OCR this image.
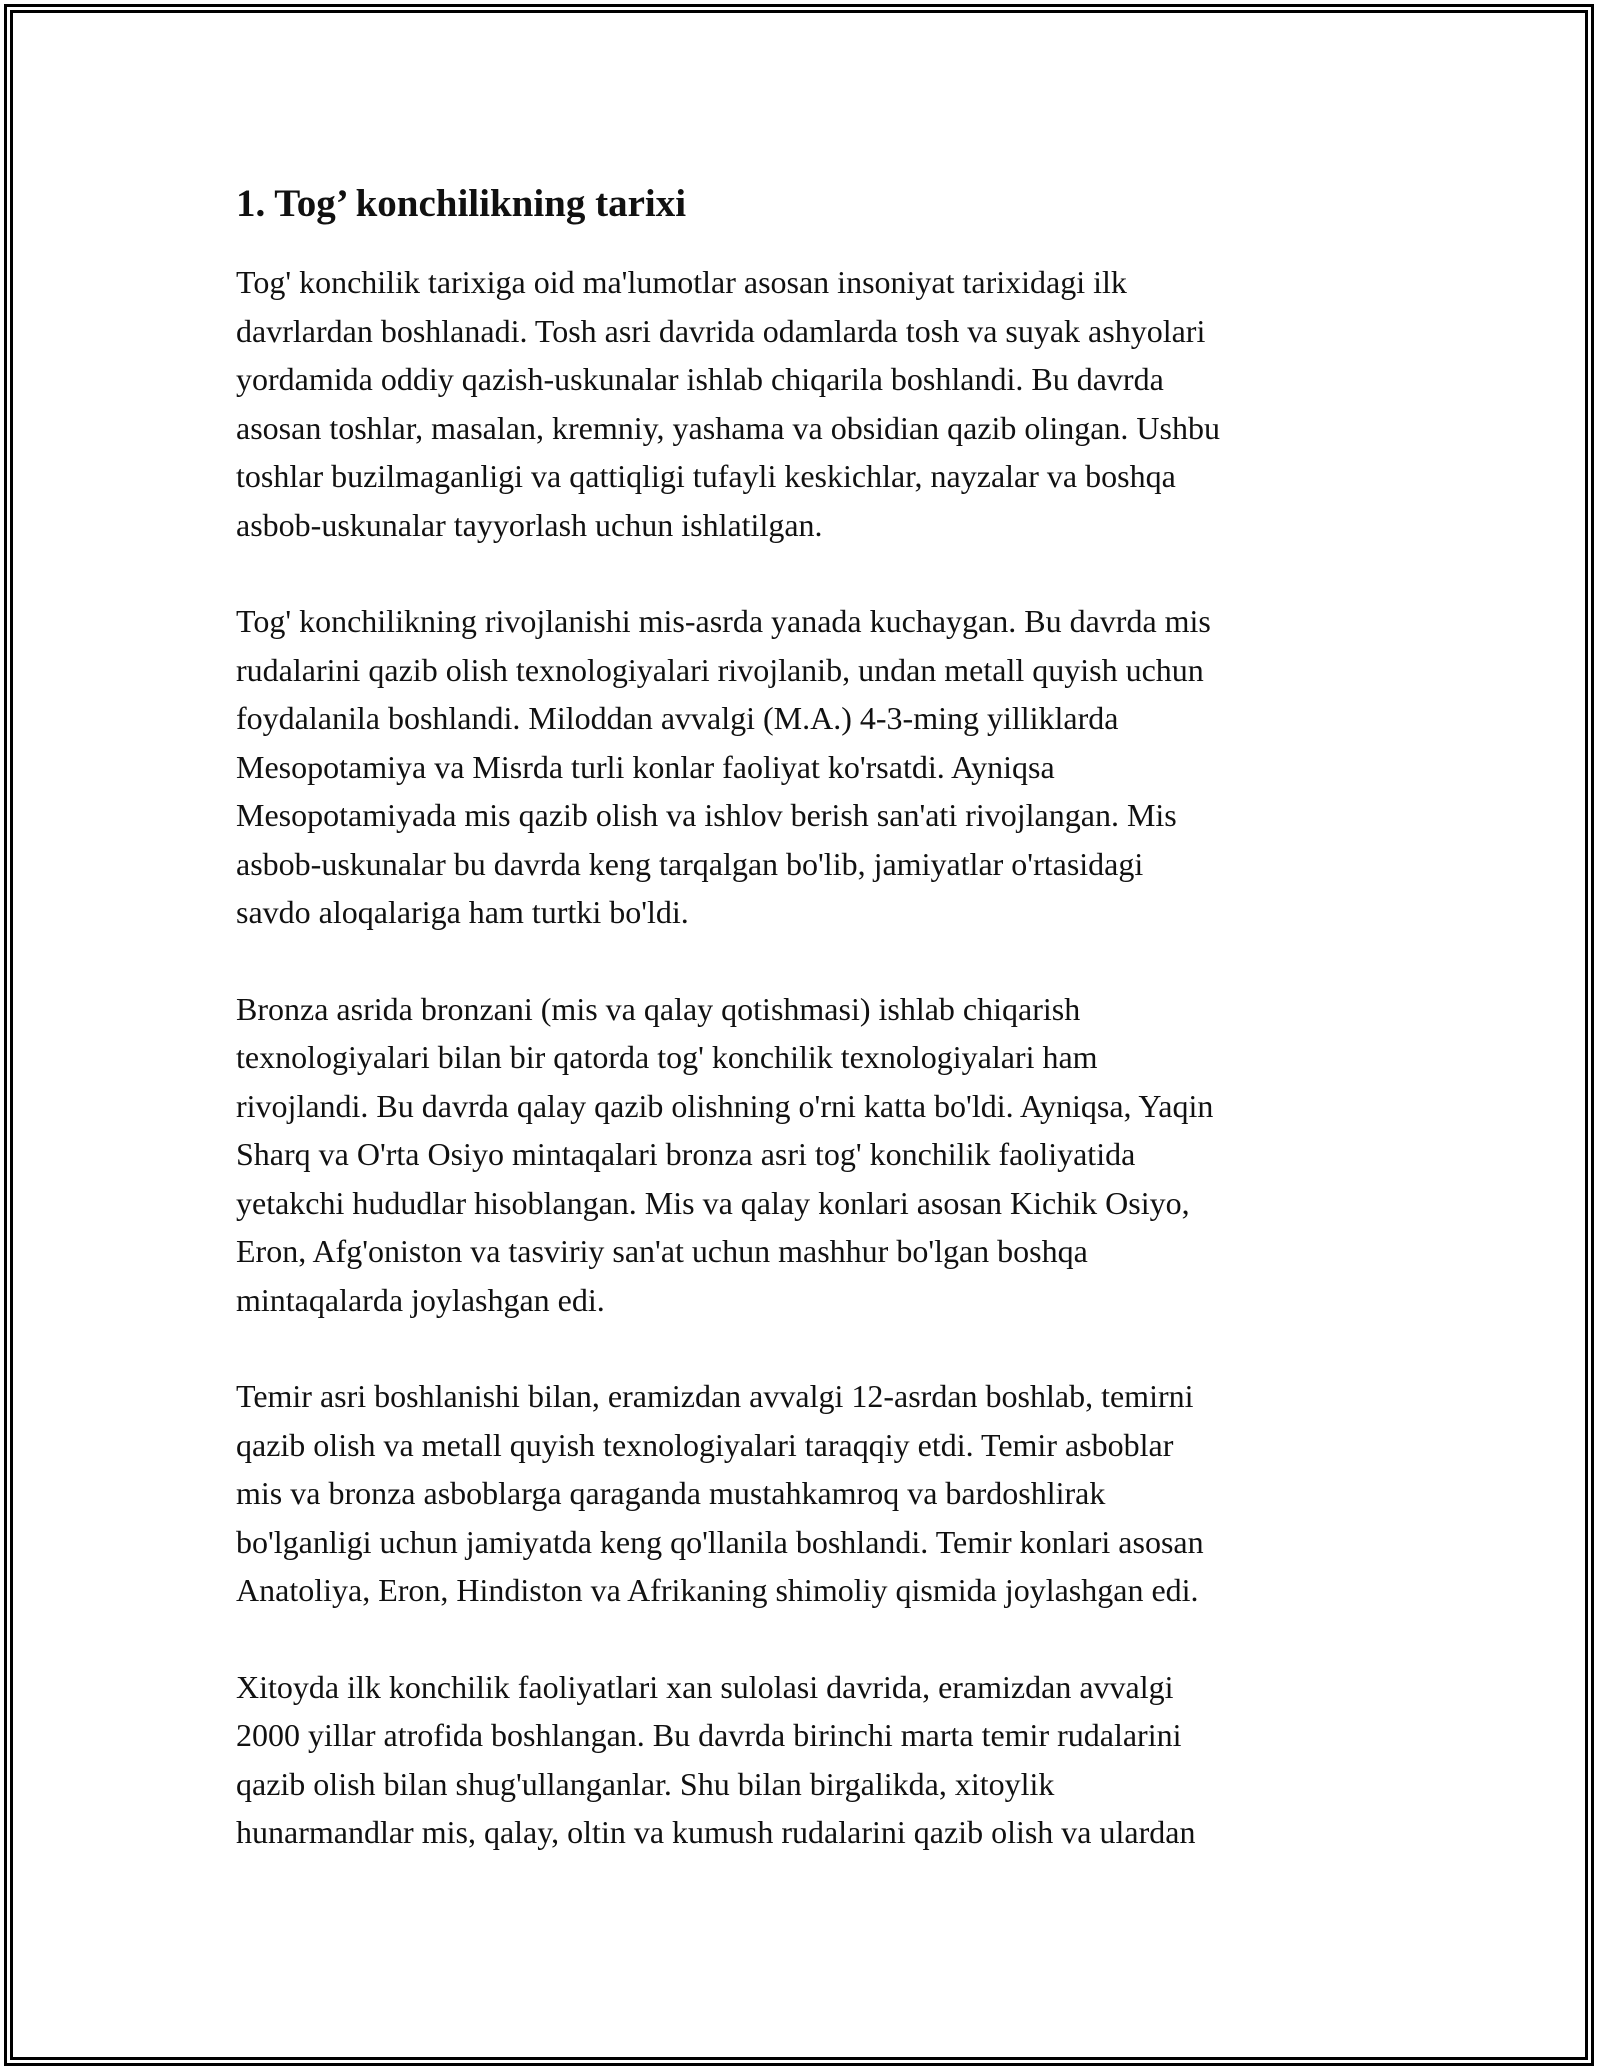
1. Tog’ konchilikning tarixi

Tog' konchilik tarixiga oid ma'lumotlar asosan insoniyat tarixidagi ilk
davrlardan boshlanadi. Tosh asri davrida odamlarda tosh va suyak ashyolari
yordamida oddiy qazish-uskunalar ishlab chiqarila boshlandi. Bu davrda
asosan toshlar, masalan, kremniy, yashama va obsidian qazib olingan. Ushbu
toshlar buzilmaganligi va qattiqligi tufayli keskichlar, nayzalar va boshqa
asbob-uskunalar tayyorlash uchun ishlatilgan.

Tog' konchilikning rivojlanishi mis-asrda yanada kuchaygan. Bu davrda mis
rudalarini qazib olish texnologiyalari rivojlanib, undan metall quyish uchun
foydalanila boshlandi. Miloddan avvalgi (M.A.) 4-3-ming yilliklarda
Mesopotamiya va Misrda turli konlar faoliyat ko'rsatdi. Ayniqsa
Mesopotamiyada mis qazib olish va ishlov berish san'ati rivojlangan. Mis
asbob-uskunalar bu davrda keng tarqalgan bo'lib, jamiyatlar o'rtasidagi
savdo aloqalariga ham turtki bo'ldi.

Bronza asrida bronzani (mis va qalay qotishmasi) ishlab chiqarish
texnologiyalari bilan bir qatorda tog' konchilik texnologiyalari ham
rivojlandi. Bu davrda qalay qazib olishning o'rni katta bo'ldi. Ayniqsa, Yaqin
Sharq va O'rta Osiyo mintaqalari bronza asri tog' konchilik faoliyatida
yetakchi hududlar hisoblangan. Mis va qalay konlari asosan Kichik Osiyo,
Eron, Afg'oniston va tasviriy san'at uchun mashhur bo'lgan boshqa
mintaqalarda joylashgan edi.

Temir asri boshlanishi bilan, eramizdan avvalgi 12-asrdan boshlab, temirni
qazib olish va metall quyish texnologiyalari taraqqiy etdi. Temir asboblar
mis va bronza asboblarga qaraganda mustahkamroq va bardoshlirak
bo'lganligi uchun jamiyatda keng qo'llanila boshlandi. Temir konlari asosan
Anatoliya, Eron, Hindiston va Afrikaning shimoliy qismida joylashgan edi.

Xitoyda ilk konchilik faoliyatlari xan sulolasi davrida, eramizdan avvalgi
2000 yillar atrofida boshlangan. Bu davrda birinchi marta temir rudalarini
qazib olish bilan shug'ullanganlar. Shu bilan birgalikda, xitoylik
hunarmandlar mis, qalay, oltin va kumush rudalarini qazib olish va ulardan
